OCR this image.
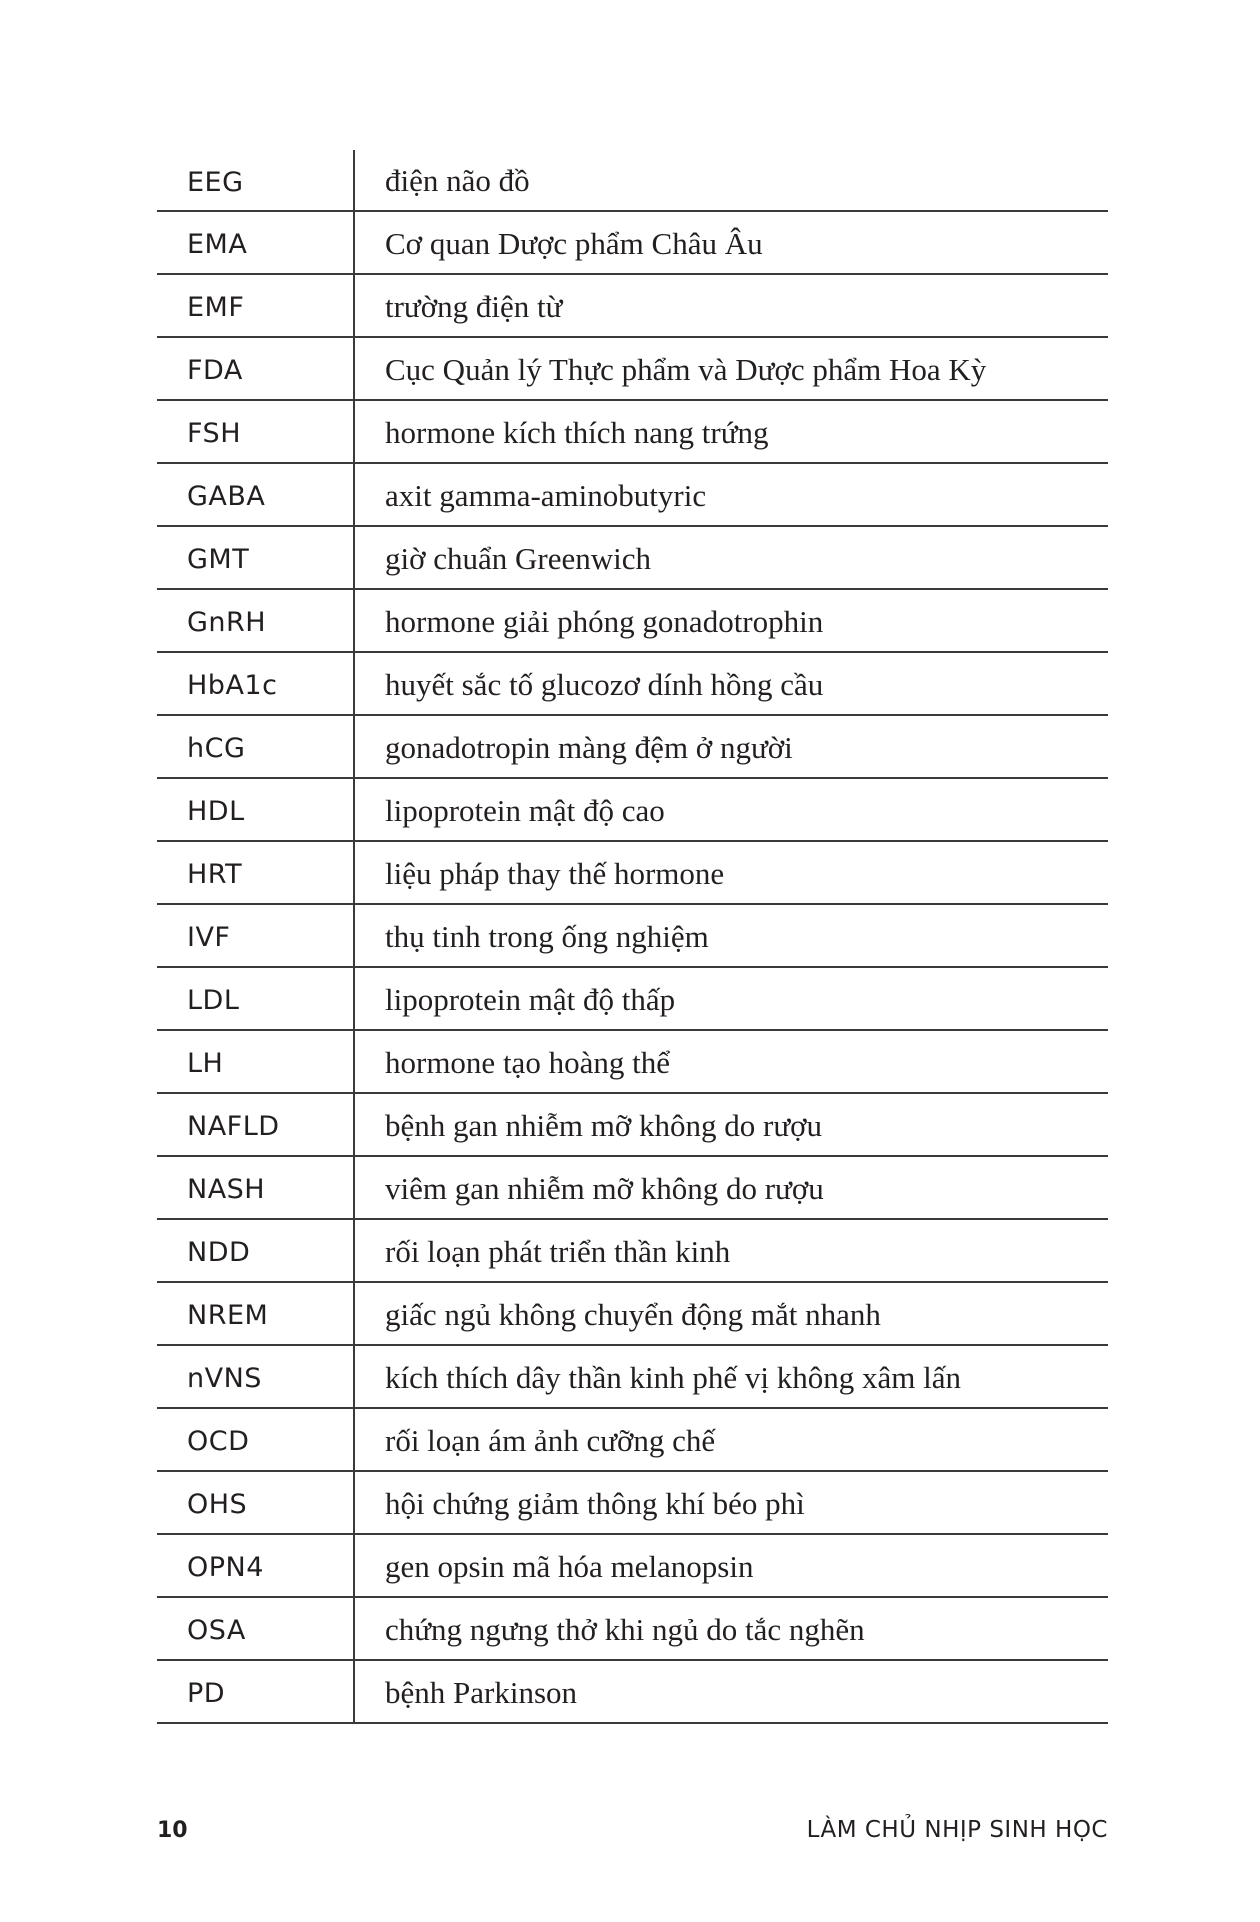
EEG	điện não đồ
EMA	Cơ quan Dược phẩm Châu Âu
EMF	trường điện từ
FDA	Cục Quản lý Thực phẩm và Dược phẩm Hoa Kỳ
FSH	hormone kích thích nang trứng
GABA	axit gamma-aminobutyric
GMT	giờ chuẩn Greenwich
GnRH	hormone giải phóng gonadotrophin
HbA1c	huyết sắc tố glucozơ dính hồng cầu
hCG	gonadotropin màng đệm ở người
HDL	lipoprotein mật độ cao
HRT	liệu pháp thay thế hormone
IVF	thụ tinh trong ống nghiệm
LDL	lipoprotein mật độ thấp
LH	hormone tạo hoàng thể
NAFLD	bệnh gan nhiễm mỡ không do rượu
NASH	viêm gan nhiễm mỡ không do rượu
NDD	rối loạn phát triển thần kinh
NREM	giấc ngủ không chuyển động mắt nhanh
nVNS	kích thích dây thần kinh phế vị không xâm lấn
OCD	rối loạn ám ảnh cưỡng chế
OHS	hội chứng giảm thông khí béo phì
OPN4	gen opsin mã hóa melanopsin
OSA	chứng ngưng thở khi ngủ do tắc nghẽn
PD	bệnh Parkinson
10	LÀM CHỦ NHỊP SINH HỌC
